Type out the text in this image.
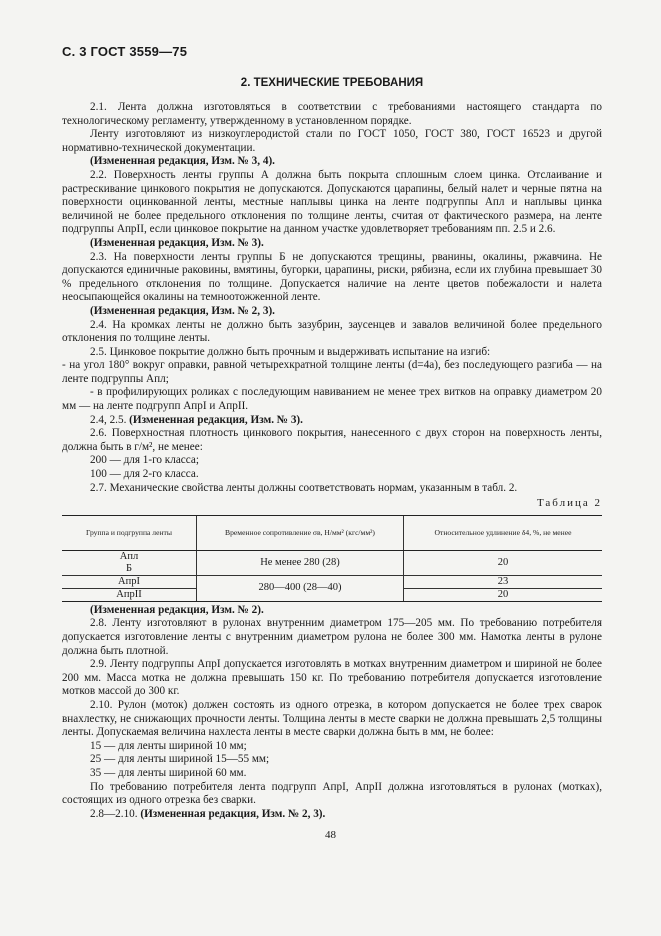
С. 3 ГОСТ 3559—75
2. ТЕХНИЧЕСКИЕ ТРЕБОВАНИЯ

2.1. Лента должна изготовляться в соответствии с требованиями настоящего стандарта по технологическому регламенту, утвержденному в установленном порядке.

Ленту изготовляют из низкоуглеродистой стали по ГОСТ 1050, ГОСТ 380, ГОСТ 16523 и другой нормативно-технической документации.

(Измененная редакция, Изм. № 3, 4).

2.2. Поверхность ленты группы А должна быть покрыта сплошным слоем цинка. Отслаивание и растрескивание цинкового покрытия не допускаются. Допускаются царапины, белый налет и черные пятна на поверхности оцинкованной ленты, местные наплывы цинка на ленте подгруппы Апл и наплывы цинка величиной не более предельного отклонения по толщине ленты, считая от фактического размера, на ленте подгруппы АпрII, если цинковое покрытие на данном участке удовлетворяет требованиям пп. 2.5 и 2.6.

(Измененная редакция, Изм. № 3).

2.3. На поверхности ленты группы Б не допускаются трещины, рванины, окалины, ржавчина. Не допускаются единичные раковины, вмятины, бугорки, царапины, риски, рябизна, если их глубина превышает 30 % предельного отклонения по толщине. Допускается наличие на ленте цветов побежалости и налета неосыпающейся окалины на темноотожженной ленте.

(Измененная редакция, Изм. № 2, 3).

2.4. На кромках ленты не должно быть зазубрин, заусенцев и завалов величиной более предельного отклонения по толщине ленты.

2.5. Цинковое покрытие должно быть прочным и выдерживать испытание на изгиб:

- на угол 180° вокруг оправки, равной четырехкратной толщине ленты (d=4a), без последующего разгиба — на ленте подгруппы Апл;

- в профилирующих роликах с последующим навиванием не менее трех витков на оправку диаметром 20 мм — на ленте подгрупп АпрI и АпрII.

2.4, 2.5. (Измененная редакция, Изм. № 3).

2.6. Поверхностная плотность цинкового покрытия, нанесенного с двух сторон на поверхность ленты, должна быть в г/м², не менее:

200 — для 1-го класса;

100 — для 2-го класса.

2.7. Механические свойства ленты должны соответствовать нормам, указанным в табл. 2.

Таблица 2
Группа и подгруппа ленты	Временное сопротивление σв, Н/мм² (кгс/мм²)	Относительное удлинение δ4, %, не менее
Апл	Не менее 280 (28)	20
Б		
АпрI	280—400 (28—40)	23
АпрII		20

(Измененная редакция, Изм. № 2).

2.8. Ленту изготовляют в рулонах внутренним диаметром 175—205 мм. По требованию потребителя допускается изготовление ленты с внутренним диаметром рулона не более 300 мм. Намотка ленты в рулоне должна быть плотной.

2.9. Ленту подгруппы АпрI допускается изготовлять в мотках внутренним диаметром и шириной не более 200 мм. Масса мотка не должна превышать 150 кг. По требованию потребителя допускается изготовление мотков массой до 300 кг.

2.10. Рулон (моток) должен состоять из одного отрезка, в котором допускается не более трех сварок внахлестку, не снижающих прочности ленты. Толщина ленты в месте сварки не должна превышать 2,5 толщины ленты. Допускаемая величина нахлеста ленты в месте сварки должна быть в мм, не более:

15 — для ленты шириной 10 мм;

25 — для ленты шириной 15—55 мм;

35 — для ленты шириной 60 мм.

По требованию потребителя лента подгрупп АпрI, АпрII должна изготовляться в рулонах (мотках), состоящих из одного отрезка без сварки.

2.8—2.10. (Измененная редакция, Изм. № 2, 3).

48
